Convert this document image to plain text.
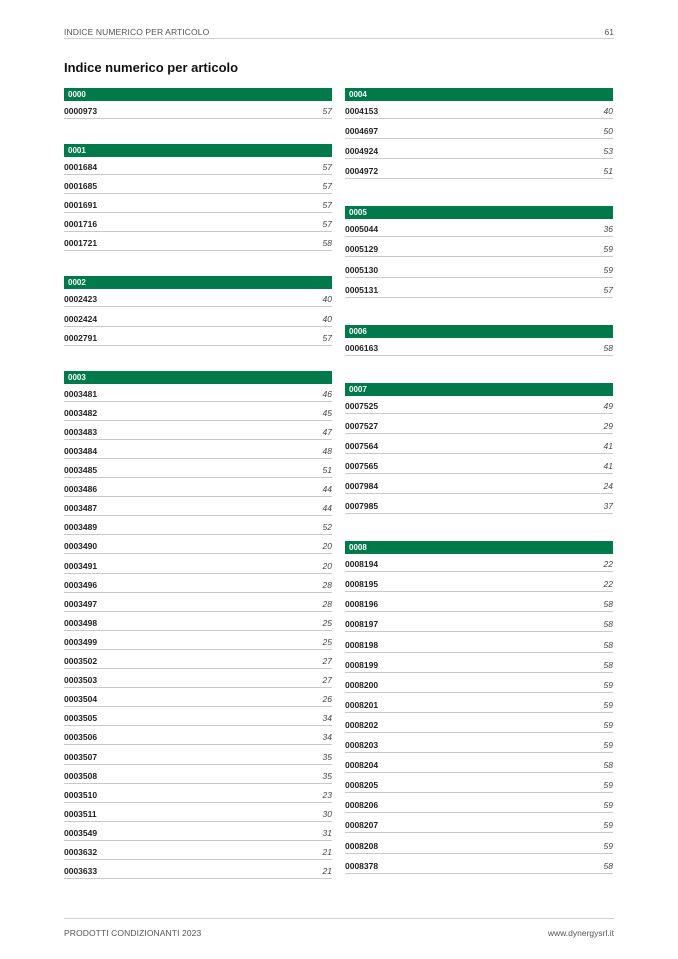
INDICE NUMERICO PER ARTICOLO	61
Indice numerico per articolo
0000
0000973	57
0001
0001684	57
0001685	57
0001691	57
0001716	57
0001721	58
0002
0002423	40
0002424	40
0002791	57
0003
0003481	46
0003482	45
0003483	47
0003484	48
0003485	51
0003486	44
0003487	44
0003489	52
0003490	20
0003491	20
0003496	28
0003497	28
0003498	25
0003499	25
0003502	27
0003503	27
0003504	26
0003505	34
0003506	34
0003507	35
0003508	35
0003510	23
0003511	30
0003549	31
0003632	21
0003633	21
0004
0004153	40
0004697	50
0004924	53
0004972	51
0005
0005044	36
0005129	59
0005130	59
0005131	57
0006
0006163	58
0007
0007525	49
0007527	29
0007564	41
0007565	41
0007984	24
0007985	37
0008
0008194	22
0008195	22
0008196	58
0008197	58
0008198	58
0008199	58
0008200	59
0008201	59
0008202	59
0008203	59
0008204	58
0008205	59
0008206	59
0008207	59
0008208	59
0008378	58
PRODOTTI CONDIZIONANTI 2023	www.dynergysrl.it
